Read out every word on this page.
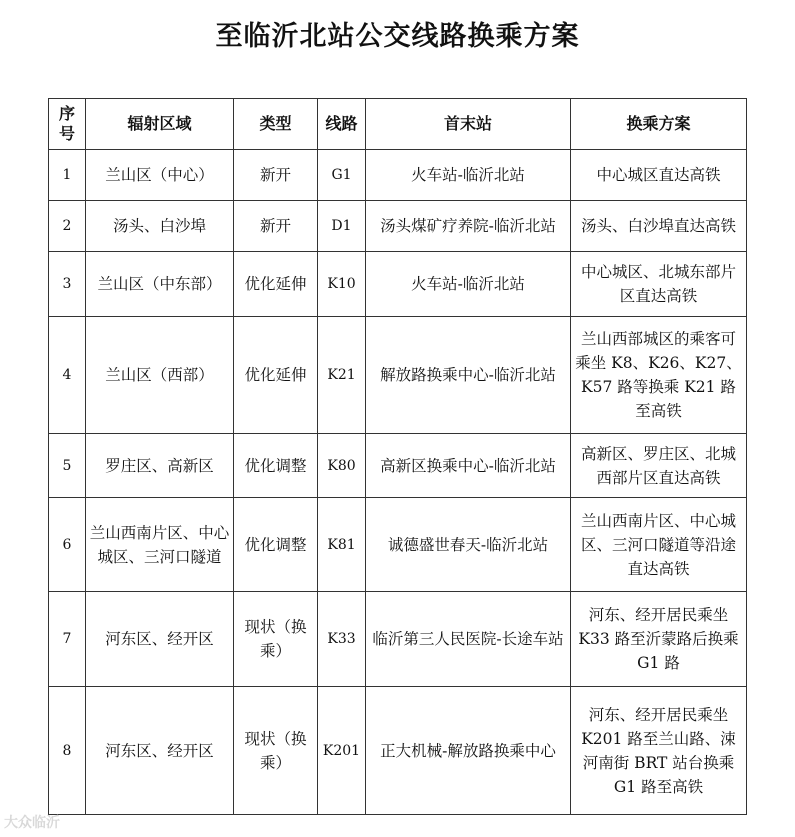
至临沂北站公交线路换乘方案
序号	辐射区域	类型	线路	首末站	换乘方案
1	兰山区（中心）	新开	G1	火车站-临沂北站	中心城区直达高铁
2	汤头、白沙埠	新开	D1	汤头煤矿疗养院-临沂北站	汤头、白沙埠直达高铁
3	兰山区（中东部）	优化延伸	K10	火车站-临沂北站	中心城区、北城东部片区直达高铁
4	兰山区（西部）	优化延伸	K21	解放路换乘中心-临沂北站	兰山西部城区的乘客可乘坐 K8、K26、K27、K57 路等换乘 K21 路至高铁
5	罗庄区、高新区	优化调整	K80	高新区换乘中心-临沂北站	高新区、罗庄区、北城西部片区直达高铁
6	兰山西南片区、中心城区、三河口隧道	优化调整	K81	诚德盛世春天-临沂北站	兰山西南片区、中心城区、三河口隧道等沿途直达高铁
7	河东区、经开区	现状（换乘）	K33	临沂第三人民医院-长途车站	河东、经开居民乘坐 K33 路至沂蒙路后换乘 G1 路
8	河东区、经开区	现状（换乘）	K201	正大机械-解放路换乘中心	河东、经开居民乘坐 K201 路至兰山路、涑河南街 BRT 站台换乘 G1 路至高铁
大众临沂
